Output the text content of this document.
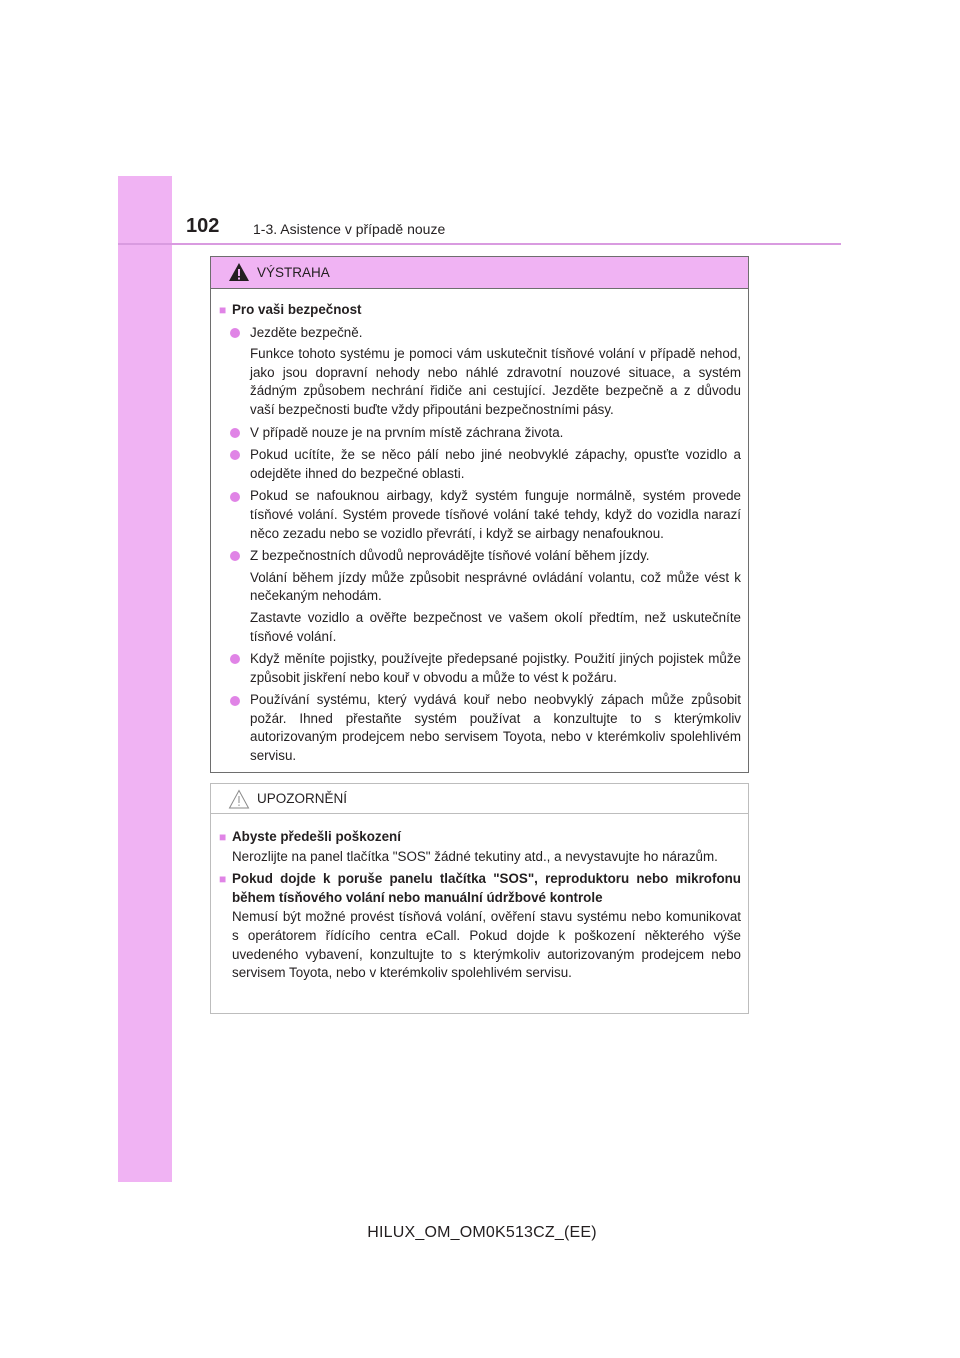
102 1-3. Asistence v případě nouze
VÝSTRAHA
■ Pro vaši bezpečnost
Jezděte bezpečně.
Funkce tohoto systému je pomoci vám uskutečnit tísňové volání v případě nehod, jako jsou dopravní nehody nebo náhlé zdravotní nouzové situace, a systém žádným způsobem nechrání řidiče ani cestující. Jezděte bezpečně a z důvodu vaší bezpečnosti buďte vždy připoutáni bezpečnostními pásy.
V případě nouze je na prvním místě záchrana života.
Pokud ucítíte, že se něco pálí nebo jiné neobvyklé zápachy, opusťte vozidlo a odejděte ihned do bezpečné oblasti.
Pokud se nafouknou airbagy, když systém funguje normálně, systém provede tísňové volání. Systém provede tísňové volání také tehdy, když do vozidla narazí něco zezadu nebo se vozidlo převrátí, i když se airbagy nenafouknou.
Z bezpečnostních důvodů neprovádějte tísňové volání během jízdy.
Volání během jízdy může způsobit nesprávné ovládání volantu, což může vést k nečekaným nehodám.
Zastavte vozidlo a ověřte bezpečnost ve vašem okolí předtím, než uskutečníte tísňové volání.
Když měníte pojistky, používejte předepsané pojistky. Použití jiných pojistek může způsobit jiskření nebo kouř v obvodu a může to vést k požáru.
Používání systému, který vydává kouř nebo neobvyklý zápach může způsobit požár. Ihned přestaňte systém používat a konzultujte to s kterýmkoliv autorizovaným prodejcem nebo servisem Toyota, nebo v kterémkoliv spolehlivém servisu.
UPOZORNĚNÍ
■ Abyste předešli poškození
Nerozlijte na panel tlačítka "SOS" žádné tekutiny atd., a nevystavujte ho nárazům.
■ Pokud dojde k poruše panelu tlačítka "SOS", reproduktoru nebo mikrofonu během tísňového volání nebo manuální údržbové kontrole
Nemusí být možné provést tísňová volání, ověření stavu systému nebo komunikovat s operátorem řídícího centra eCall. Pokud dojde k poškození některého výše uvedeného vybavení, konzultujte to s kterýmkoliv autorizovaným prodejcem nebo servisem Toyota, nebo v kterémkoliv spolehlivém servisu.
HILUX_OM_OM0K513CZ_(EE)
